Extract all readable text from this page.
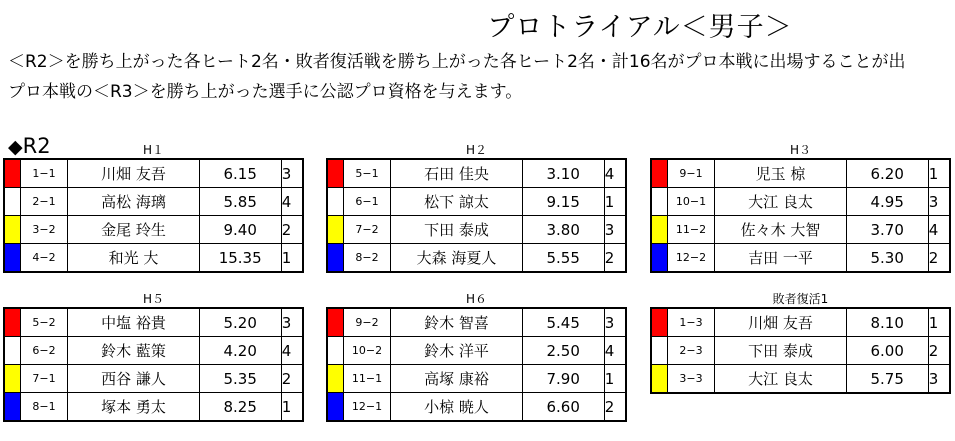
プロトライアル＜男子＞
＜R2＞を勝ち上がった各ヒート2名・敗者復活戦を勝ち上がった各ヒート2名・計16名がプロ本戦に出場することが出
プロ本戦の＜R3＞を勝ち上がった選手に公認プロ資格を与えます。
◆R2	H１
	1−1	川畑 友吾	6.15	3
	2−1	高松 海璃	5.85	4
	3−2	金尾 玲生	9.40	2
	4−2	和光 大	15.35	1
H２
	5−1	石田 佳央	3.10	4
	6−1	松下 諒太	9.15	1
	7−2	下田 泰成	3.80	3
	8−2	大森 海夏人	5.55	2
H３
	9−1	児玉 椋	6.20	1
	10−1	大江 良太	4.95	3
	11−2	佐々木 大智	3.70	4
	12−2	吉田 一平	5.30	2
H５
	5−2	中塩 裕貴	5.20	3
	6−2	鈴木 藍策	4.20	4
	7−1	西谷 謙人	5.35	2
	8−1	塚本 勇太	8.25	1
H６
	9−2	鈴木 智喜	5.45	3
	10−2	鈴木 洋平	2.50	4
	11−1	高塚 康裕	7.90	1
	12−1	小椋 暁人	6.60	2
敗者復活1
	1−3	川畑 友吾	8.10	1
	2−3	下田 泰成	6.00	2
	3−3	大江 良太	5.75	3
